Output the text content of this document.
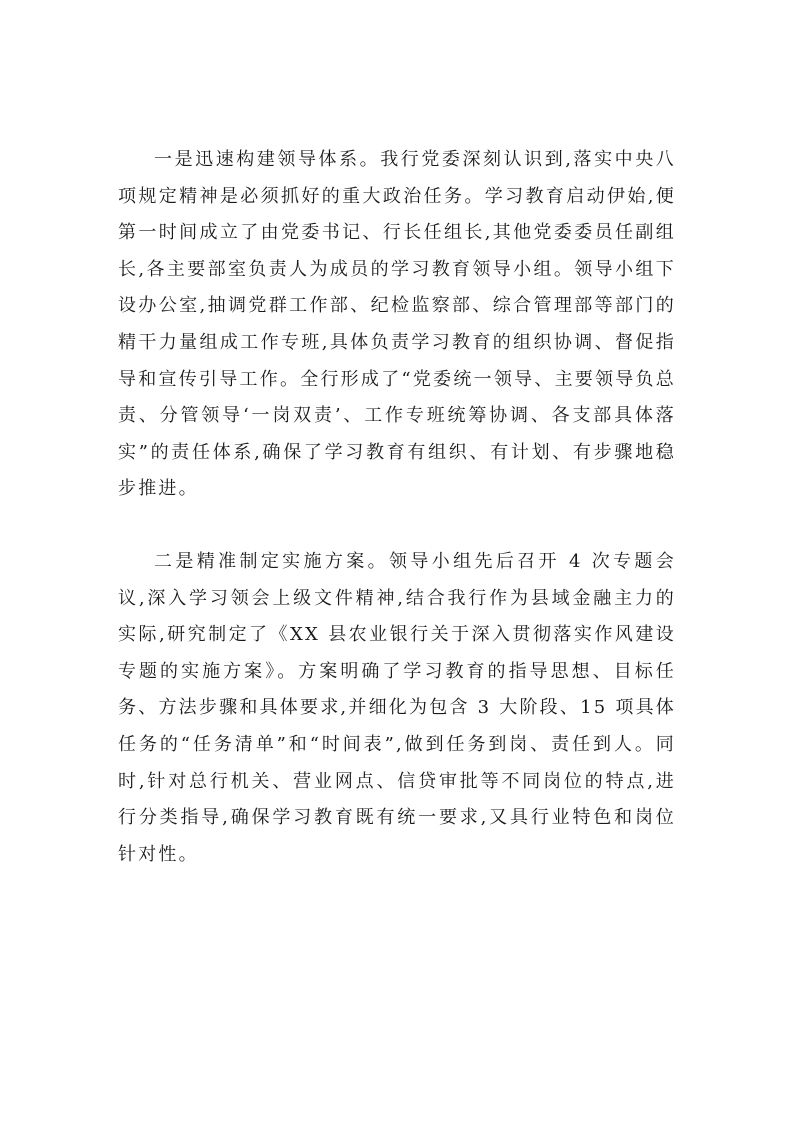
一是迅速构建领导体系。我行党委深刻认识到,落实中央八项规定精神是必须抓好的重大政治任务。学习教育启动伊始,便第一时间成立了由党委书记、行长任组长,其他党委委员任副组长,各主要部室负责人为成员的学习教育领导小组。领导小组下设办公室,抽调党群工作部、纪检监察部、综合管理部等部门的精干力量组成工作专班,具体负责学习教育的组织协调、督促指导和宣传引导工作。全行形成了“党委统一领导、主要领导负总责、分管领导‘一岗双责’、工作专班统筹协调、各支部具体落实”的责任体系,确保了学习教育有组织、有计划、有步骤地稳步推进。

二是精准制定实施方案。领导小组先后召开 4 次专题会议,深入学习领会上级文件精神,结合我行作为县域金融主力的实际,研究制定了《XX 县农业银行关于深入贯彻落实作风建设专题的实施方案》。方案明确了学习教育的指导思想、目标任务、方法步骤和具体要求,并细化为包含 3 大阶段、15 项具体任务的“任务清单”和“时间表”,做到任务到岗、责任到人。同时,针对总行机关、营业网点、信贷审批等不同岗位的特点,进行分类指导,确保学习教育既有统一要求,又具行业特色和岗位针对性。
